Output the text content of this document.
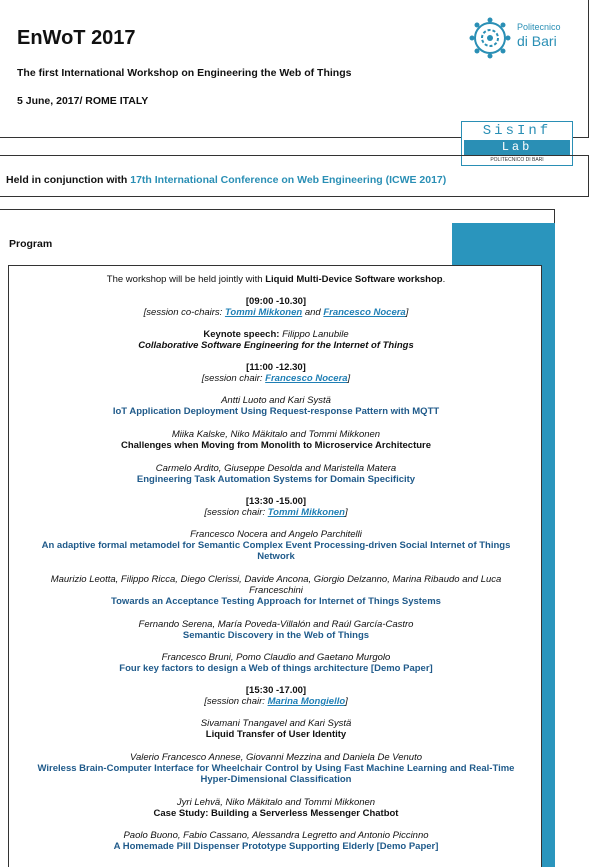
EnWoT 2017
The first International Workshop on Engineering the Web of Things
5 June, 2017/ ROME ITALY
Politecnico
di Bari
SisInf
Lab
POLITECNICO DI BARI
Held in conjunction with 17th International Conference on Web Engineering (ICWE 2017)
Program
The workshop will be held jointly with Liquid Multi-Device Software workshop.
[09:00 -10.30]
[session co-chairs: Tommi Mikkonen and Francesco Nocera]
Keynote speech: Filippo Lanubile
Collaborative Software Engineering for the Internet of Things
[11:00 -12.30]
[session chair: Francesco Nocera]
Antti Luoto and Kari Systä
IoT Application Deployment Using Request-response Pattern with MQTT
Miika Kalske, Niko Mäkitalo and Tommi Mikkonen
Challenges when Moving from Monolith to Microservice Architecture
Carmelo Ardito, Giuseppe Desolda and Maristella Matera
Engineering Task Automation Systems for Domain Specificity
[13:30 -15.00]
[session chair: Tommi Mikkonen]
Francesco Nocera and Angelo Parchitelli
An adaptive formal metamodel for Semantic Complex Event Processing-driven Social Internet of Things Network
Maurizio Leotta, Filippo Ricca, Diego Clerissi, Davide Ancona, Giorgio Delzanno, Marina Ribaudo and Luca Franceschini
Towards an Acceptance Testing Approach for Internet of Things Systems
Fernando Serena, María Poveda-Villalón and Raúl García-Castro
Semantic Discovery in the Web of Things
Francesco Bruni, Pomo Claudio and Gaetano Murgolo
Four key factors to design a Web of things architecture [Demo Paper]
[15:30 -17.00]
[session chair: Marina Mongiello]
Sivamani Tnangavel and Kari Systä
Liquid Transfer of User Identity
Valerio Francesco Annese, Giovanni Mezzina and Daniela De Venuto
Wireless Brain-Computer Interface for Wheelchair Control by Using Fast Machine Learning and Real-Time Hyper-Dimensional Classification
Jyri Lehvä, Niko Mäkitalo and Tommi Mikkonen
Case Study: Building a Serverless Messenger Chatbot
Paolo Buono, Fabio Cassano, Alessandra Legretto and Antonio Piccinno
A Homemade Pill Dispenser Prototype Supporting Elderly [Demo Paper]
